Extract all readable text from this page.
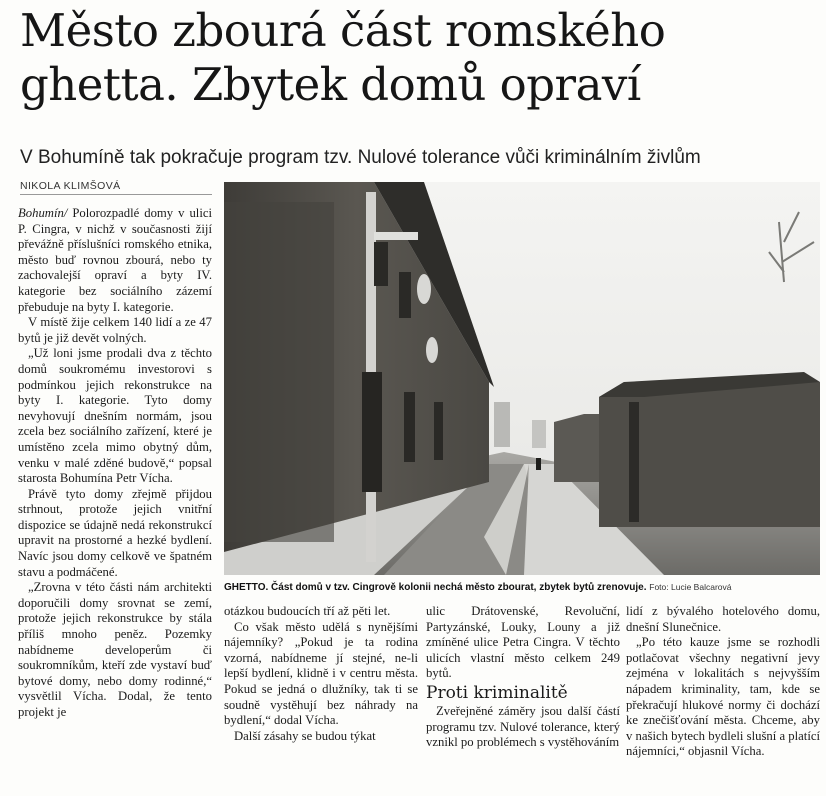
Město zbourá část romského
ghetta. Zbytek domů opraví
V Bohumíně tak pokračuje program tzv. Nulové tolerance vůči kriminálním živlům
NIKOLA KLIMŠOVÁ

Bohumín/ Polorozpadlé domy v ulici P. Cingra, v nichž v současnosti žijí převážně příslušníci romského etnika, město buď rovnou zbourá, nebo ty zachovalejší opraví a byty IV. kategorie bez sociálního zázemí přebuduje na byty I. kategorie.

V místě žije celkem 140 lidí a ze 47 bytů je již devět volných.

„Už loni jsme prodali dva z těchto domů soukromému investorovi s podmínkou jejich rekonstrukce na byty I. kategorie. Tyto domy nevyhovují dnešním normám, jsou zcela bez sociálního zařízení, které je umístěno zcela mimo obytný dům, venku v malé zděné budově,“ popsal starosta Bohumína Petr Vícha.

Právě tyto domy zřejmě přijdou strhnout, protože jejich vnitřní dispozice se údajně nedá rekonstrukcí upravit na prostorné a hezké bydlení. Navíc jsou domy celkově ve špatném stavu a podmáčené.

„Zrovna v této části nám architekti doporučili domy srovnat se zemí, protože jejich rekonstrukce by stála příliš mnoho peněz. Pozemky nabídneme developerům či soukromníkům, kteří zde vystaví buď bytové domy, nebo domy rodinné,“ vysvětlil Vícha. Dodal, že tento projekt je

GHETTO. Část domů v tzv. Cingrově kolonii nechá město zbourat, zbytek bytů zrenovuje. Foto: Lucie Balcarová

otázkou budoucích tří až pěti let.

Co však město udělá s nynějšími nájemníky? „Pokud je ta rodina vzorná, nabídneme jí stejné, ne-li lepší bydlení, klidně i v centru města. Pokud se jedná o dlužníky, tak ti se soudně vystěhují bez náhrady na bydlení,“ dodal Vícha.

Další zásahy se budou týkat

ulic Drátovenské, Revoluční, Partyzánské, Louky, Louny a již zmíněné ulice Petra Cingra. V těchto ulicích vlastní město celkem 249 bytů.

Proti kriminalitě

Zveřejněné záměry jsou další částí programu tzv. Nulové tolerance, který vznikl po problémech s vystěhováním

lidí z bývalého hotelového domu, dnešní Slunečnice.

„Po této kauze jsme se rozhodli potlačovat všechny negativní jevy zejména v lokalitách s nejvyšším nápadem kriminality, tam, kde se překračují hlukové normy či dochází ke znečišťování města. Chceme, aby v našich bytech bydleli slušní a platící nájemníci,“ objasnil Vícha.
